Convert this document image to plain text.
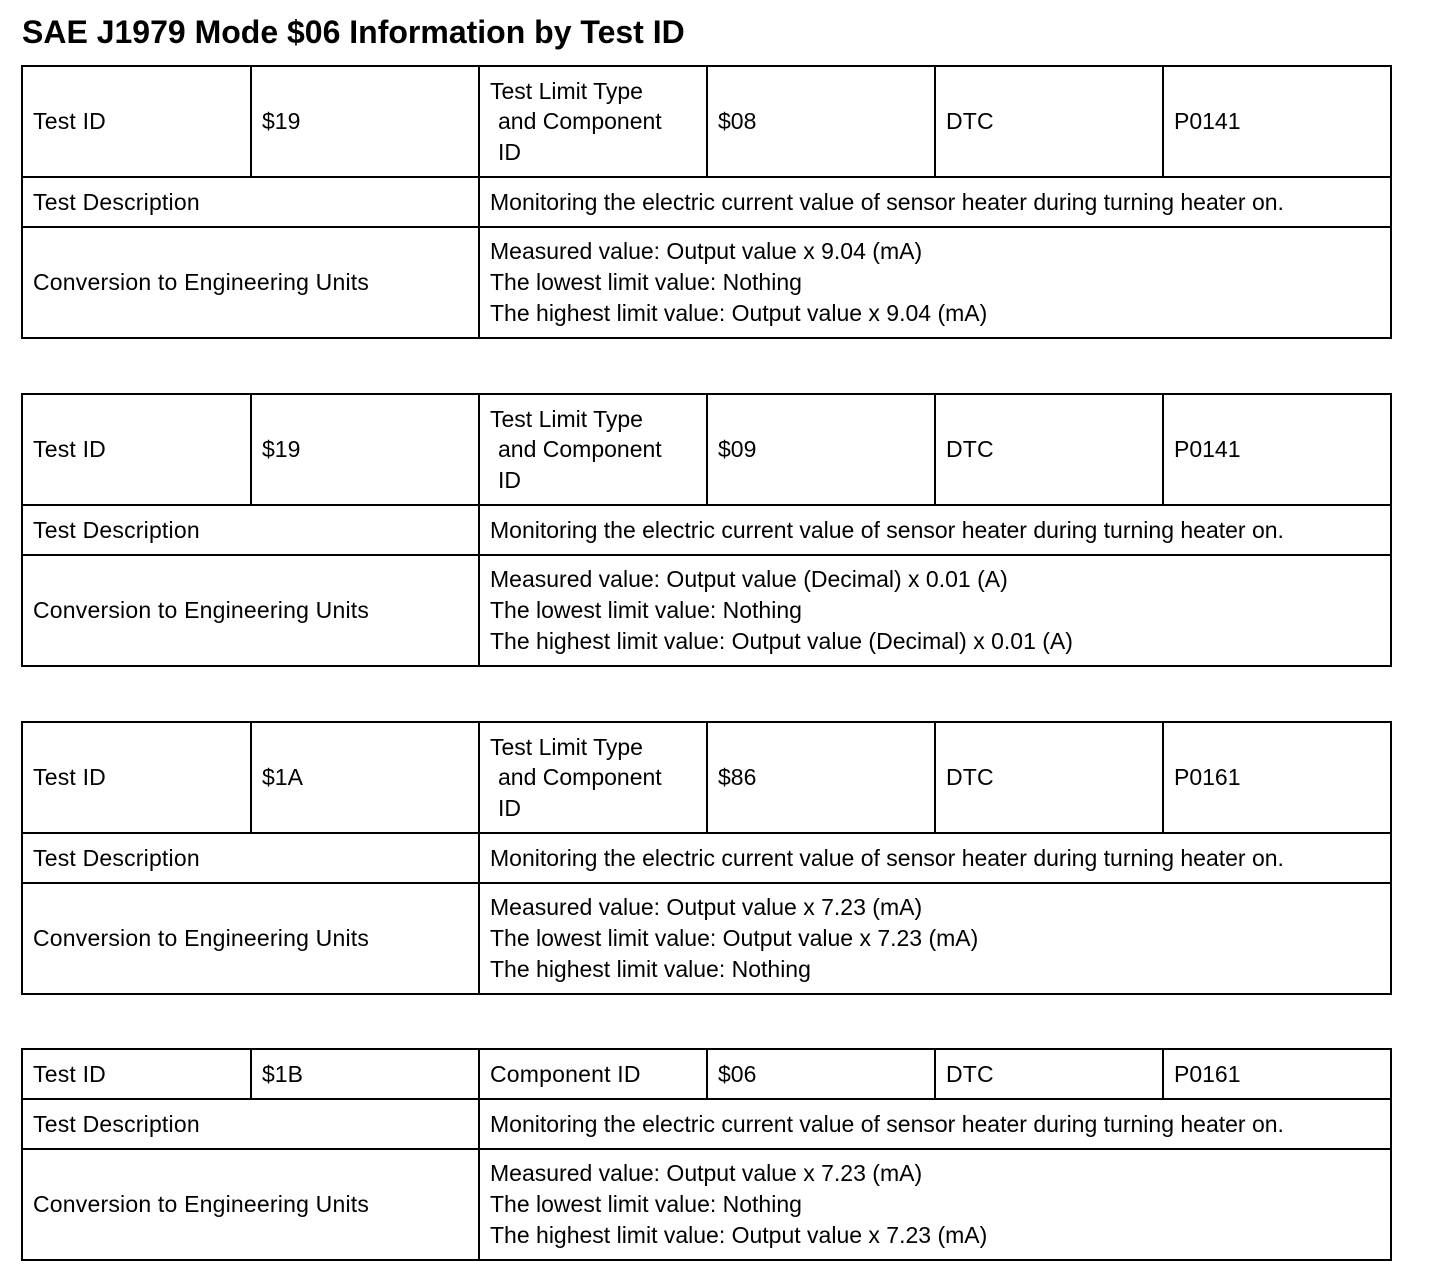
SAE J1979 Mode $06 Information by Test ID
Test ID	$19	Test Limit Type
and Component
ID	$08	DTC	P0141
Test Description		Monitoring the electric current value of sensor heater during turning heater on.			
Conversion to Engineering Units		Measured value: Output value x 9.04 (mA)
The lowest limit value: Nothing
The highest limit value: Output value x 9.04 (mA)			
Test ID	$19	Test Limit Type
and Component
ID	$09	DTC	P0141
Test Description		Monitoring the electric current value of sensor heater during turning heater on.			
Conversion to Engineering Units		Measured value: Output value (Decimal) x 0.01 (A)
The lowest limit value: Nothing
The highest limit value: Output value (Decimal) x 0.01 (A)			
Test ID	$1A	Test Limit Type
and Component
ID	$86	DTC	P0161
Test Description		Monitoring the electric current value of sensor heater during turning heater on.			
Conversion to Engineering Units		Measured value: Output value x 7.23 (mA)
The lowest limit value: Output value x 7.23 (mA)
The highest limit value: Nothing			
Test ID	$1B	Component ID	$06	DTC	P0161
Test Description		Monitoring the electric current value of sensor heater during turning heater on.			
Conversion to Engineering Units		Measured value: Output value x 7.23 (mA)
The lowest limit value: Nothing
The highest limit value: Output value x 7.23 (mA)			
